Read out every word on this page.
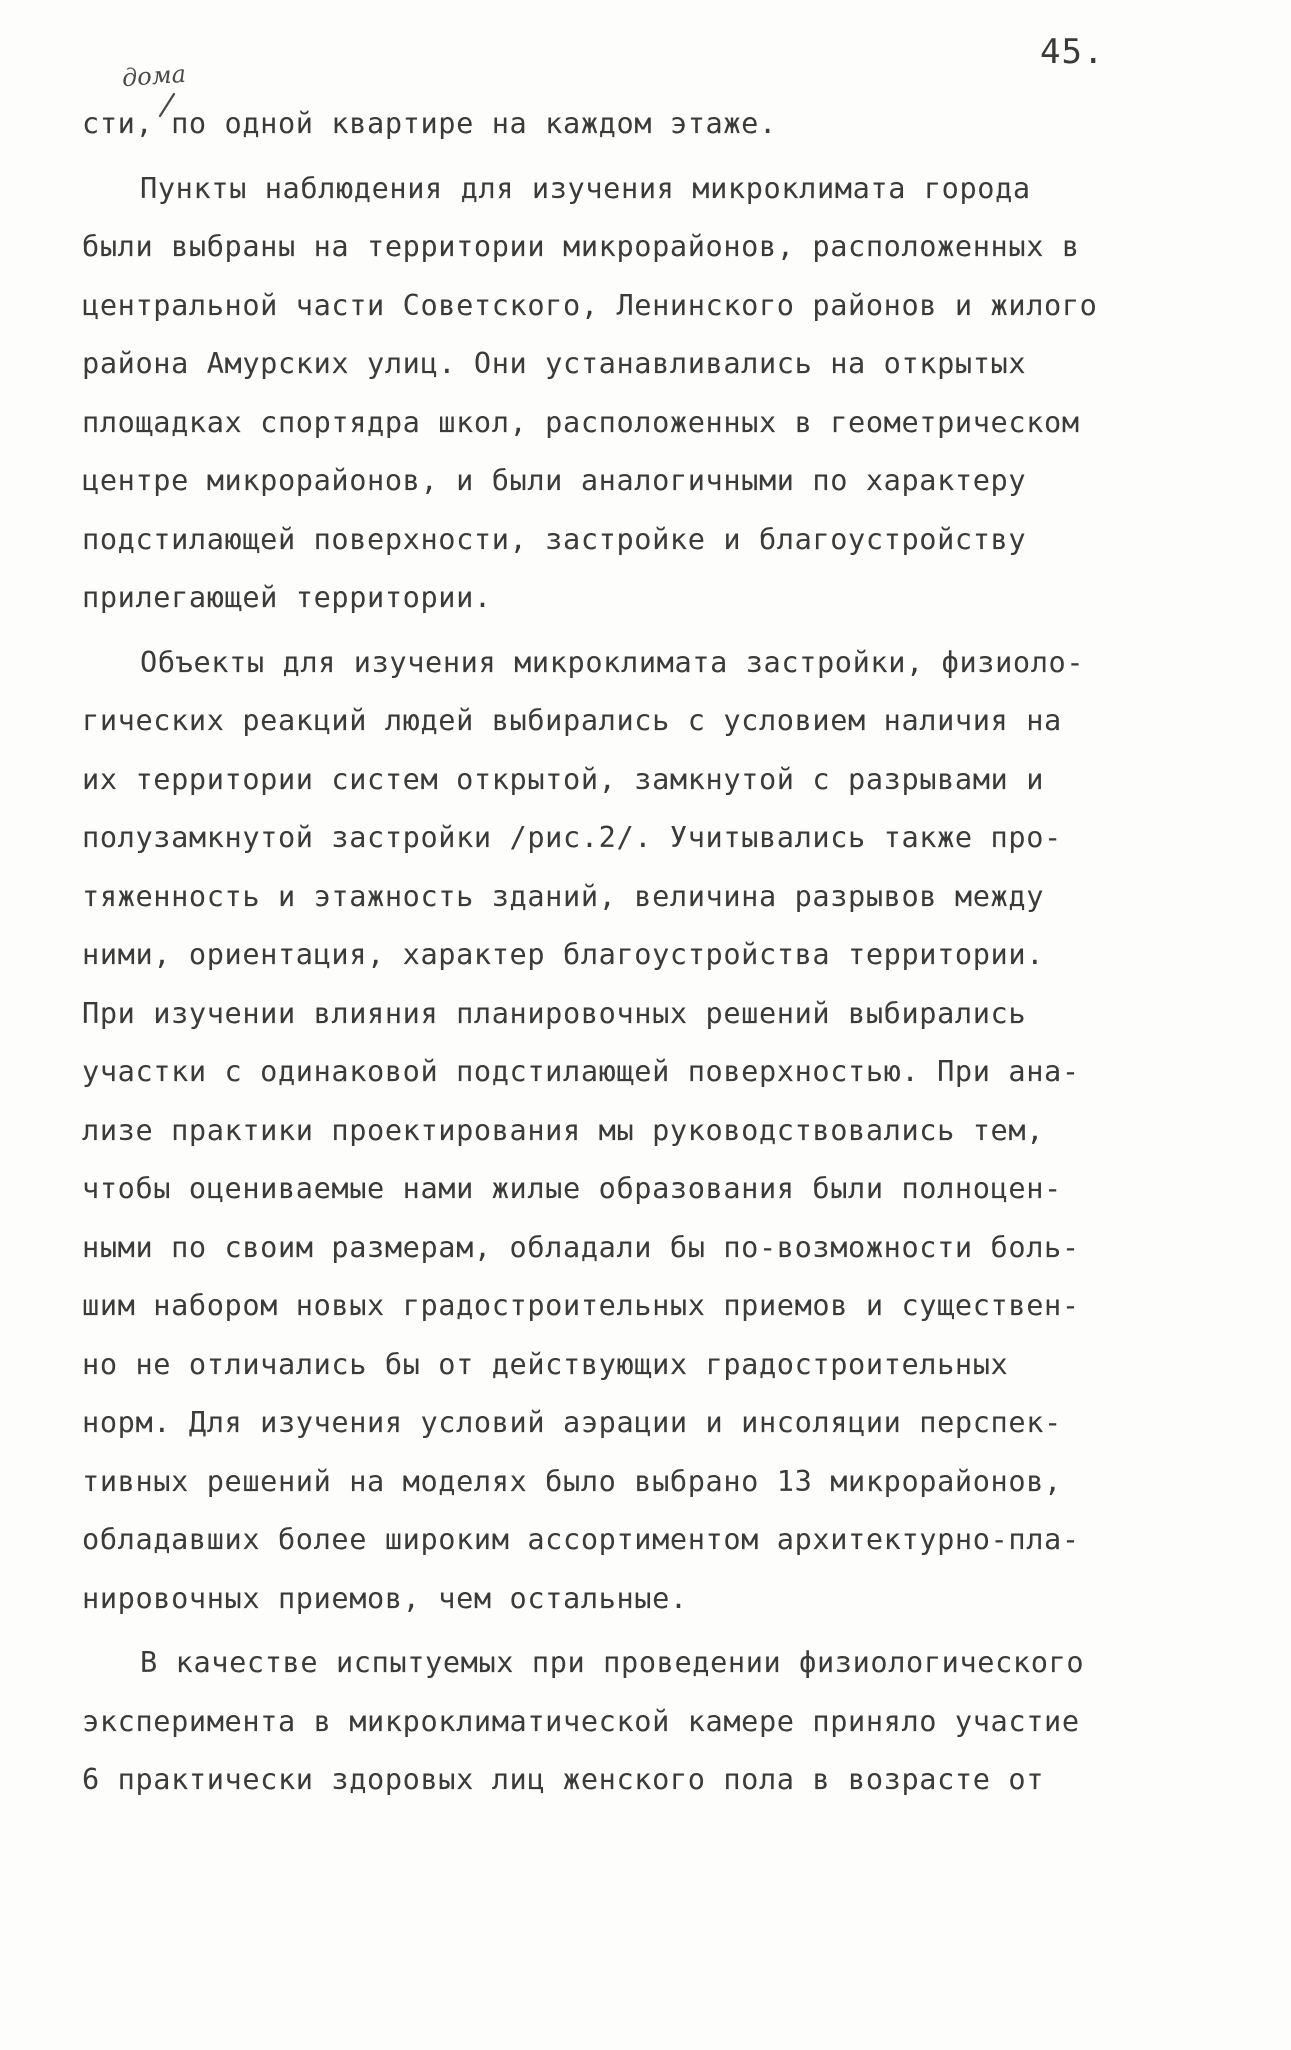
45.
дома
сти, по одной квартире на каждом этаже.
Пункты наблюдения для изучения микроклимата города
были выбраны на территории микрорайонов, расположенных в
центральной части Советского, Ленинского районов и жилого
района Амурских улиц. Они устанавливались на открытых
площадках спортядра школ, расположенных в геометрическом
центре микрорайонов, и были аналогичными по характеру
подстилающей поверхности, застройке и благоустройству
прилегающей территории.
Объекты для изучения микроклимата застройки, физиоло-
гических реакций людей выбирались с условием наличия на
их территории систем открытой, замкнутой с разрывами и
полузамкнутой застройки /рис.2/. Учитывались также про-
тяженность и этажность зданий, величина разрывов между
ними, ориентация, характер благоустройства территории.
При изучении влияния планировочных решений выбирались
участки с одинаковой подстилающей поверхностью. При ана-
лизе практики проектирования мы руководствовались тем,
чтобы оцениваемые нами жилые образования были полноцен-
ными по своим размерам, обладали бы по-возможности боль-
шим набором новых градостроительных приемов и существен-
но не отличались бы от действующих градостроительных
норм. Для изучения условий аэрации и инсоляции перспек-
тивных решений на моделях было выбрано 13 микрорайонов,
обладавших более широким ассортиментом архитектурно-пла-
нировочных приемов, чем остальные.
В качестве испытуемых при проведении физиологического
эксперимента в микроклиматической камере приняло участие
6 практически здоровых лиц женского пола в возрасте от
